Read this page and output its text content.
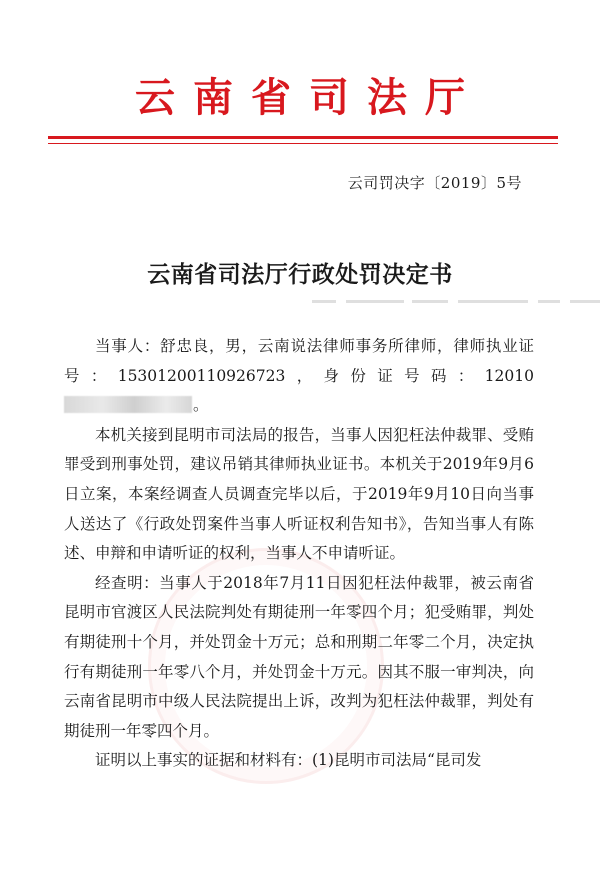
云南省司法厅
云司罚决字〔2019〕5号
云南省司法厅行政处罚决定书

当事人：舒忠良，男，云南说法律师事务所律师，律师执业证号：15301200110926723，身份证号码：12010。

本机关接到昆明市司法局的报告，当事人因犯枉法仲裁罪、受贿罪受到刑事处罚，建议吊销其律师执业证书。本机关于2019年9月6日立案，本案经调查人员调查完毕以后，于2019年9月10日向当事人送达了《行政处罚案件当事人听证权利告知书》，告知当事人有陈述、申辩和申请听证的权利，当事人不申请听证。

经查明：当事人于2018年7月11日因犯枉法仲裁罪，被云南省昆明市官渡区人民法院判处有期徒刑一年零四个月；犯受贿罪，判处有期徒刑十个月，并处罚金十万元；总和刑期二年零二个月，决定执行有期徒刑一年零八个月，并处罚金十万元。因其不服一审判决，向云南省昆明市中级人民法院提出上诉，改判为犯枉法仲裁罪，判处有期徒刑一年零四个月。

证明以上事实的证据和材料有：(1)昆明市司法局“昆司发
